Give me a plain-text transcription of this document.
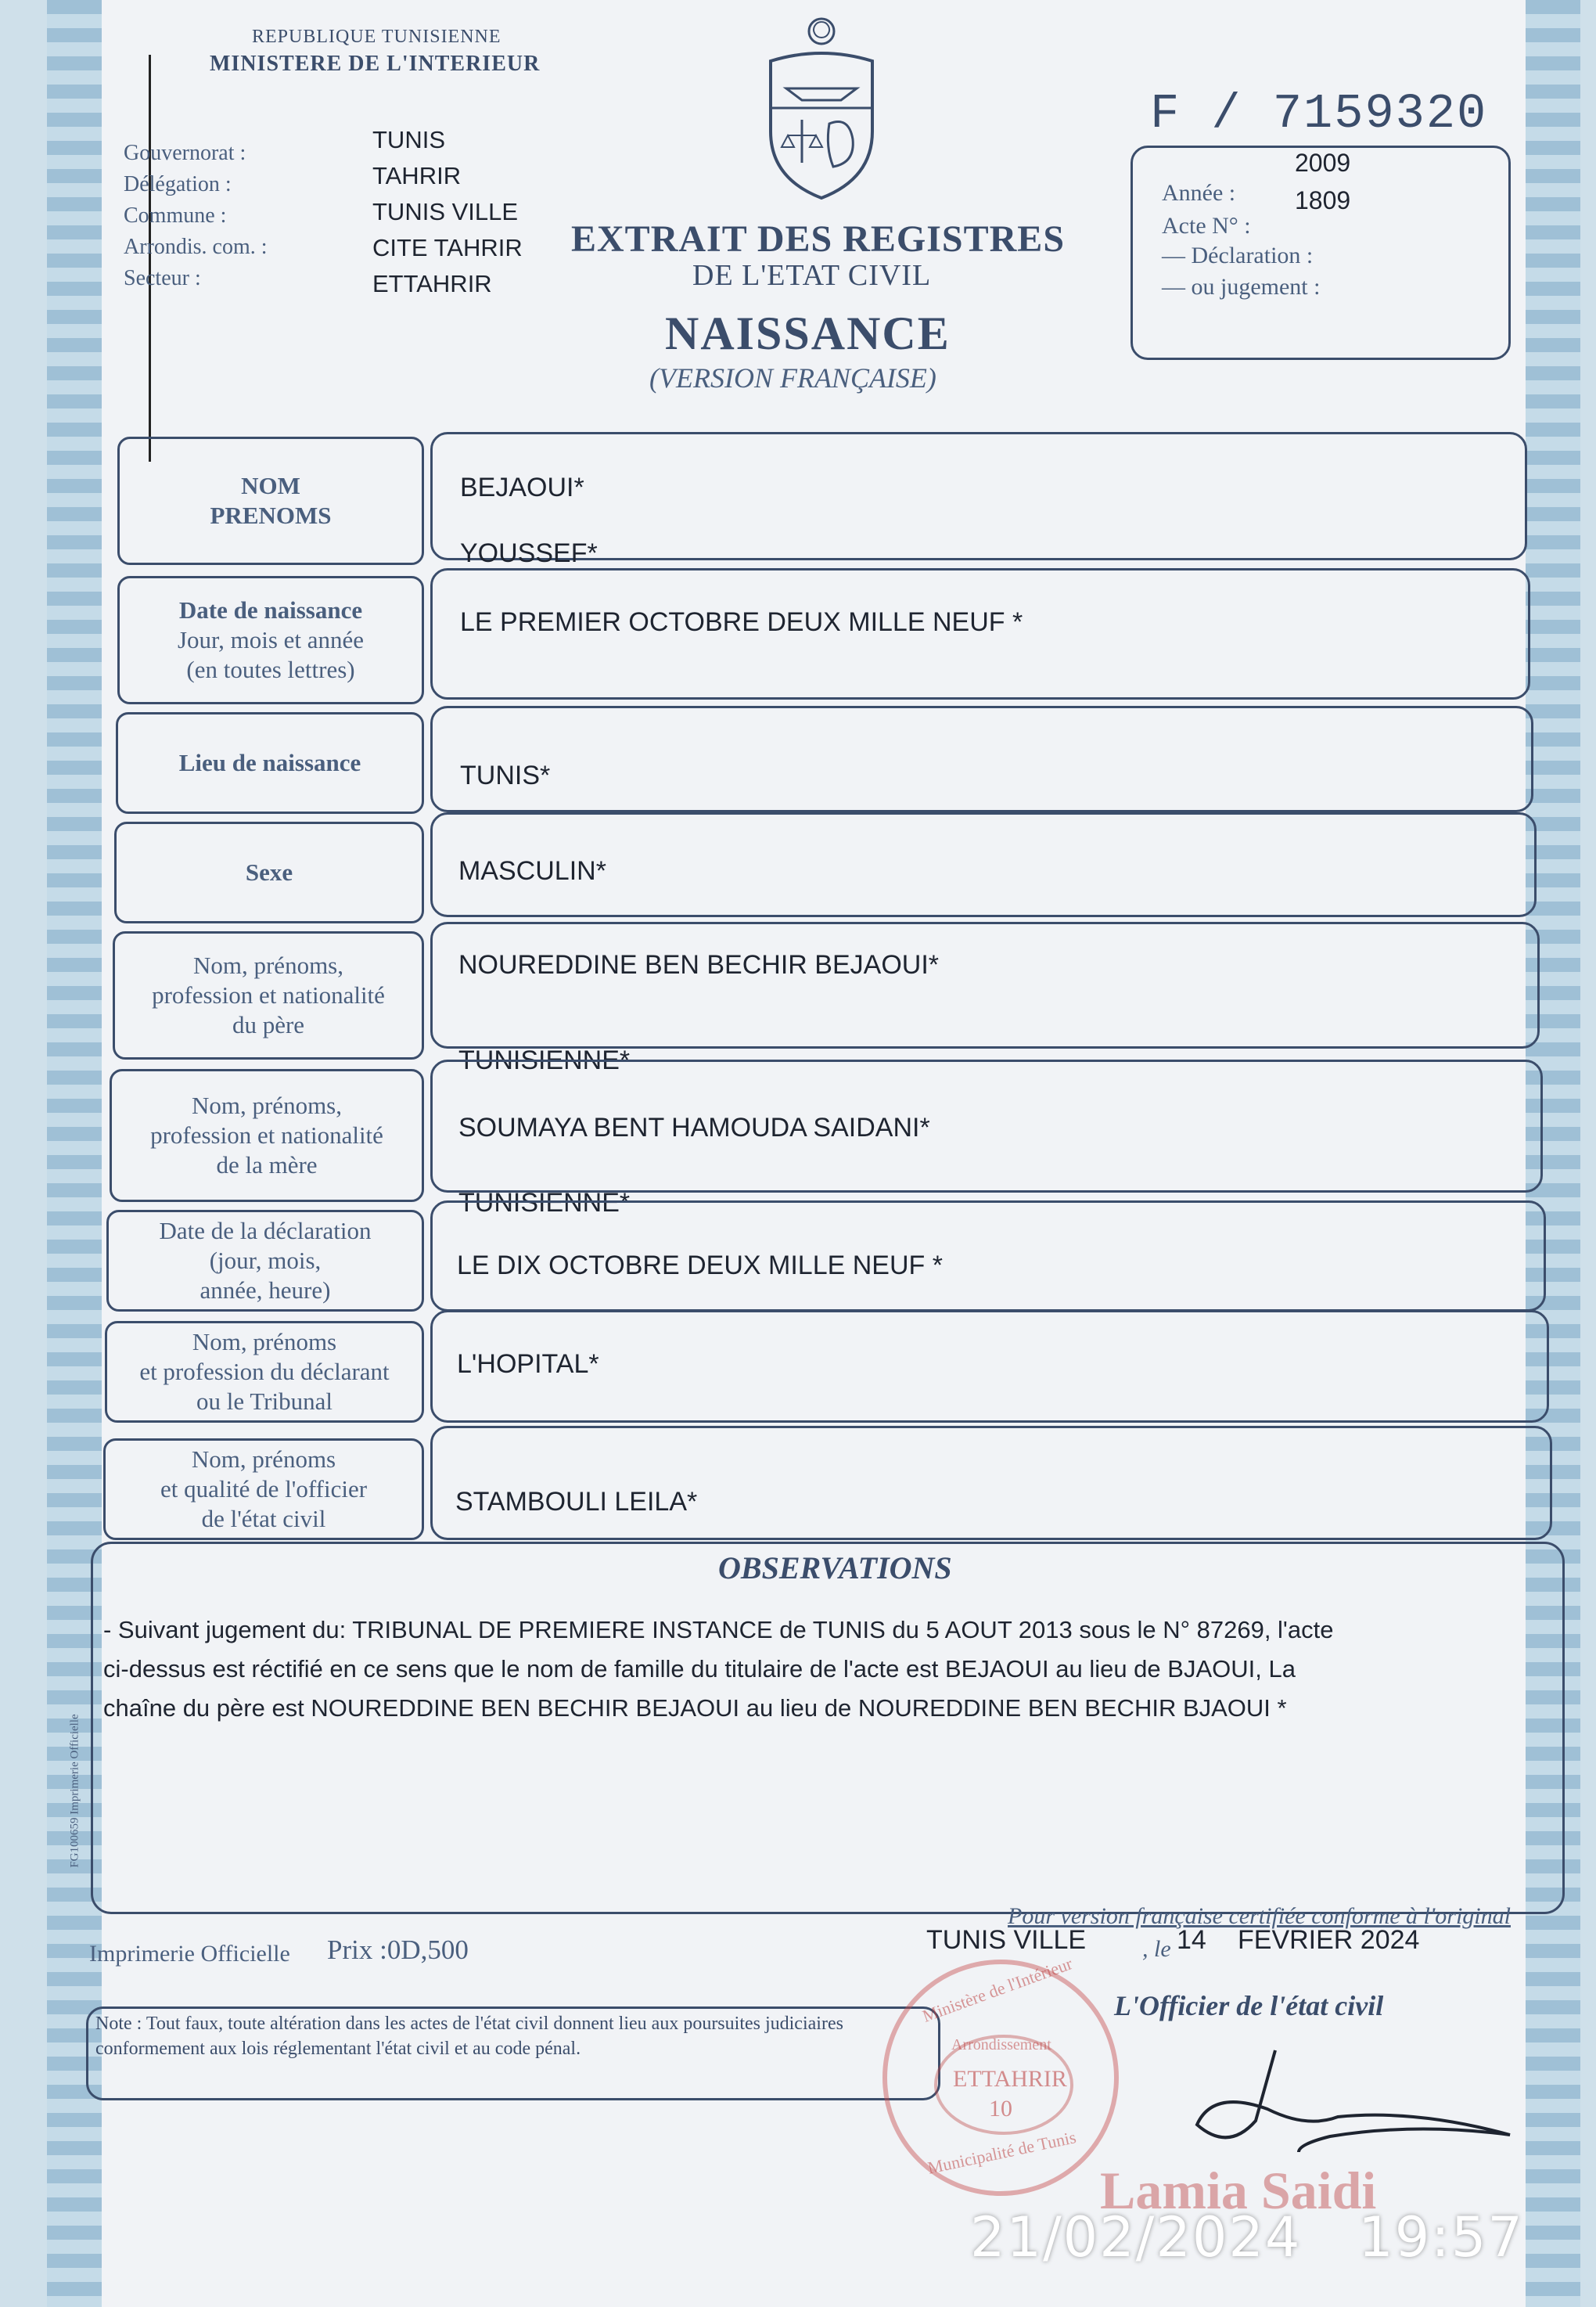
REPUBLIQUE TUNISIENNE
MINISTERE DE L'INTERIEUR
F / 7159320
Gouvernorat :
Délégation :
Commune :
Arrondis. com. :
Secteur :
TUNIS
TAHRIR
TUNIS VILLE
CITE TAHRIR
ETTAHRIR
EXTRAIT DES REGISTRES
DE L'ETAT CIVIL
NAISSANCE
(VERSION FRANÇAISE)
Année :
Acte N° :
— Déclaration :
— ou jugement :
2009
1809
NOM
PRENOMS
BEJAOUI*
YOUSSEF*
Date de naissance
Jour, mois et année
(en toutes lettres)
LE PREMIER OCTOBRE DEUX MILLE NEUF *
Lieu de naissance	TUNIS*
Sexe	MASCULIN*
Nom, prénoms,
profession et nationalité
du père
NOUREDDINE BEN BECHIR BEJAOUI*
TUNISIENNE*
Nom, prénoms,
profession et nationalité
de la mère
SOUMAYA BENT HAMOUDA SAIDANI*
TUNISIENNE*
Date de la déclaration
(jour, mois,
année, heure)
LE DIX OCTOBRE DEUX MILLE NEUF *
Nom, prénoms
et profession du déclarant
ou le Tribunal
L'HOPITAL*
Nom, prénoms
et qualité de l'officier
de l'état civil
STAMBOULI LEILA*
OBSERVATIONS
- Suivant jugement du: TRIBUNAL DE PREMIERE INSTANCE de TUNIS du 5 AOUT 2013 sous le N° 87269, l'acte
ci-dessus est réctifié en ce sens que le nom de famille du titulaire de l'acte est BEJAOUI au lieu de BJAOUI, La
chaîne du père est NOUREDDINE BEN BECHIR BEJAOUI au lieu de NOUREDDINE BEN BECHIR BJAOUI *
FG100659 Imprimerie Officielle
Imprimerie Officielle Prix :0D,500
Pour version française certifiée conforme à l'original
TUNIS VILLE , le 14 FEVRIER 2024
L'Officier de l'état civil
Note : Tout faux, toute altération dans les actes de l'état civil donnent lieu aux poursuites judiciaires conformement aux lois réglementant l'état civil et au code pénal.
Ministère de l'Intérieur
Arrondissement
ETTAHRIR
10
Municipalité de Tunis
Lamia Saidi
21/02/2024   19:57
